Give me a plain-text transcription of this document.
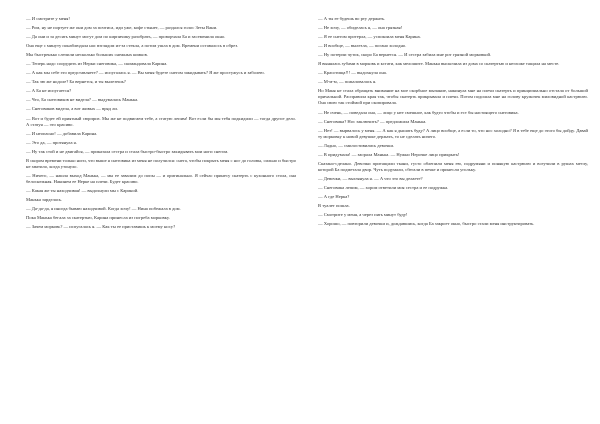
— И смотрите у меня!

— Ром, ну не портует же они дом за почтиса, иди уже, кофе стынет, — раздался голос Зеты Вани.

— Да они и за десять минут могут дом по кирпичику разобрать, — проворчала Ба и засеменила окно.

Она еще с минуту понаблюдала нас взглядом из-за стекла, а потом ушла в дом. Времени оставалось в обрез.

Мы быстренько слепили несколько больших снежных комков.

— Теперь надо соорудить из Нерки снеговика, — скомандовала Карина.

— А как мы себе это представляете? — испугалась я. — Вы меня будете снегом закидывать? Я же простужусь и заболею.

— Так эю же нодоле? Ба вернется, и ты вылезешь?

— А Ба не испугается?

— Что, Ба снеговиков не видела? — выдумалась Манька.

— Снеговиков видела, а вот живых — вряд ли.

— Вот и будет ей приятный сюрприз. Мы же не подвигаем тебе, а статую лепим! Вот если бы мы тебя подкидили — тогда другое дело. А статуя — это красиво.

— И неопасно! — добавила Карина.

— Это да, — протянула я.

— Ну так стой и не двигайся, — приказала сестра и стала быстро-быстро закидывать мои ноги снегом.

В скором времени только ноги, что выше я снеговика из меня не получился: снега, чтобы покрыть меня с ног до головы, сильно и быстро не хватило, когда утонуло.

— Ничего, — нашла выход Манька, — мы ее завалим до попы — и оригинально. Я сейчас принесу скатерть с кухонного стола, она белоснежная. Накинем ее Нерке на плечи. Будет красиво.

— Какая же ты находчивая! — выдохнули мы с Кариной.

Манька зарделась.

— Да-да-да, я иногда бываю находчивой. Когда хочу! — Нина побежала в дом.

Пока Манька бегала за скатертью, Карина принесла из погреба морковку.

— Зачем морковь? — испугалась я. — Как ты ее приставишь к моему носу?

— А ты ее будешь во рту держать.

— Не хочу, — обиделась я, — она грязная!

— Я ее снегом протерла, — успокоила меня Карина.

— И вообще, — вылезла, — погано холодно.

— Ну потерпи чуток, скоро Ба вернется. — И сестра забила мне рот грязной морковкой.

Я вынялась зубами в морковь и кстати, как мелошите. Манька выскочила из дома со скатертью и негложе тащила на месте.

— Красотища!!! — выдохнула она.

— М-м-м, — пожаловалась я.

Но Маня не стала обращать внимание на мое скорбное мычание, накинула мне на плечи скатерть и принципиально отстала от большой причальной. Расправила края так, чтобы скатерть прикрывала и плечи. Потом подошла мне на голову кружочек миловидной кастрюлю. Она свою так стоймой при скопировала.

— Не очень, — поведала она, — лицо у нее смешное, как будто чтобы и ест бы настоящего снеговика.

— Снеговика? Нос заключить? — предложила Манька.

— Нет! — вырвалось у меня. — А как я дышать буду? А лицо вообще, а если то, что нос холодно? Я в тебе еще до этого бы дойду. Давай ту морковку к новой девушке держать, то не сделать ничего.

— Ладно, — смилостивились девочки.

— В придумала! — заорала Манька. — Нужно Нерочке лицо прикрыть!

Сказано-сделано. Девочки притащили ткани, густо облепили меня ею, подрумяни и понякую кастрюлю и всеучили в рушах метлу, которой Ба подметала двор. Чуть подумали, сбегали в печке и принесли угольку.

— Девочки, — выглянула я. — А что это вы делаете?

— Снеговика лепим, — хором ответили моя сестра и ее подружка.

— А где Нерка?

В туалет пошла.

— Смотрите у меня, а через пять минут буду!

— Хорошо, — повторили девочки и, дождавшись, когда Ба закроет окно, быстро стали меня инструктировать.
